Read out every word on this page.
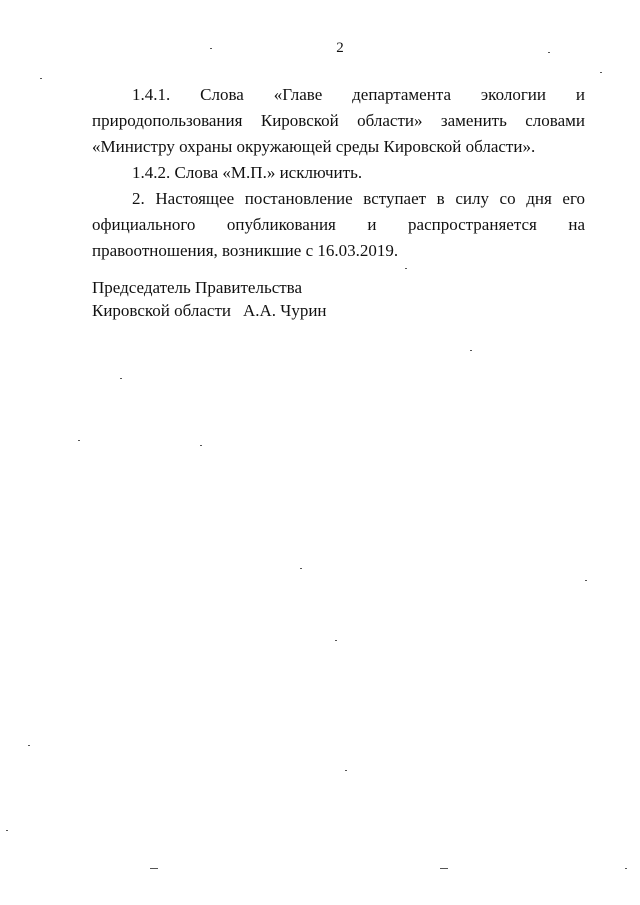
2

1.4.1. Слова «Главе департамента экологии и природопользования Кировской области» заменить словами «Министру охраны окружающей среды Кировской области».

1.4.2. Слова «М.П.» исключить.

2. Настоящее постановление вступает в силу со дня его официального опубликования и распространяется на правоотношения, возникшие с 16.03.2019.

Председатель Правительства
Кировской области А.А. Чурин
